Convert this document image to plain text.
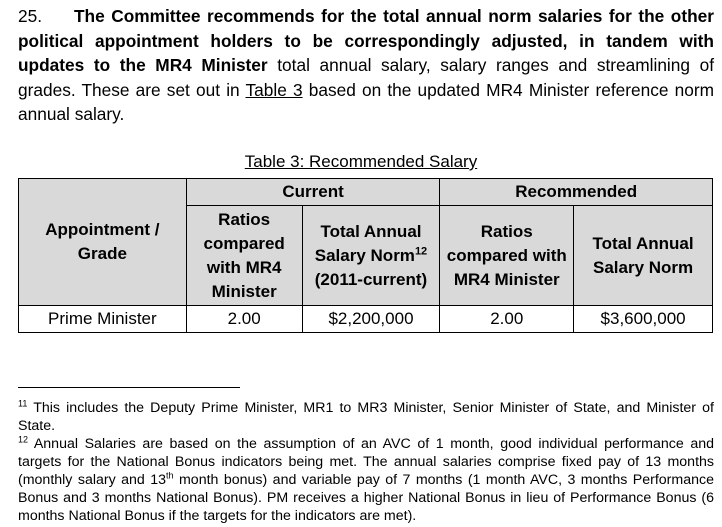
25. The Committee recommends for the total annual norm salaries for the other political appointment holders to be correspondingly adjusted, in tandem with updates to the MR4 Minister total annual salary, salary ranges and streamlining of grades. These are set out in Table 3 based on the updated MR4 Minister reference norm annual salary.
Table 3: Recommended Salary
Appointment / Grade	Current		Recommended	
	Ratios compared with MR4 Minister	Total Annual Salary Norm$^{12}$ (2011-current)	Ratios compared with MR4 Minister	Total Annual Salary Norm
Prime Minister	2.00	$2,200,000	2.00	$3,600,000

$^{11}$ This includes the Deputy Prime Minister, MR1 to MR3 Minister, Senior Minister of State, and Minister of State.

$^{12}$ Annual Salaries are based on the assumption of an AVC of 1 month, good individual performance and targets for the National Bonus indicators being met. The annual salaries comprise fixed pay of 13 months (monthly salary and 13th month bonus) and variable pay of 7 months (1 month AVC, 3 months Performance Bonus and 3 months National Bonus). PM receives a higher National Bonus in lieu of Performance Bonus (6 months National Bonus if the targets for the indicators are met).
